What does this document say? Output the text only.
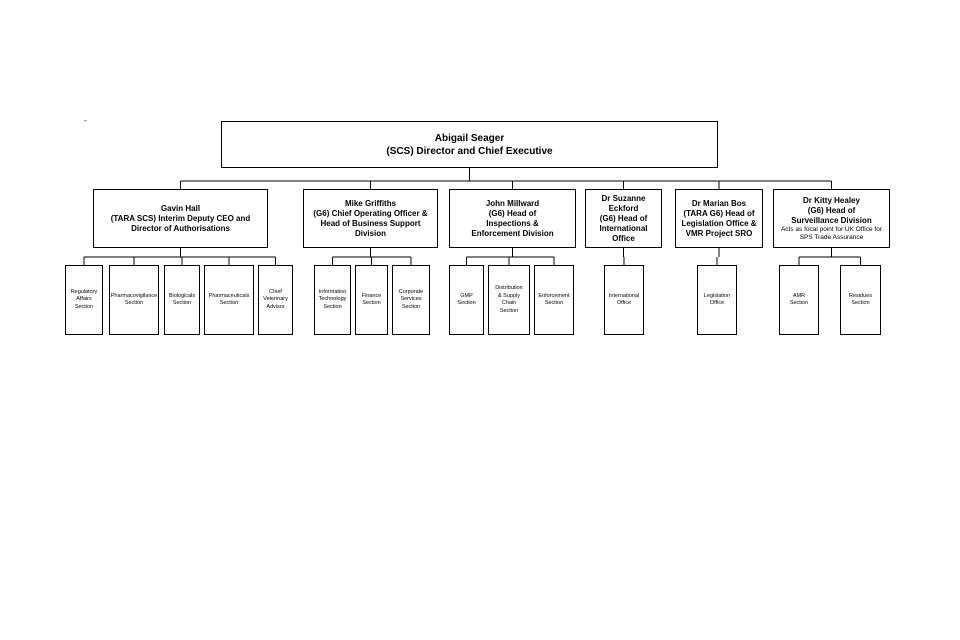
-
Abigail Seager
(SCS) Director and Chief Executive
Gavin Hall
(TARA SCS) Interim Deputy CEO and
Director of Authorisations
Regulatory
Affairs
Section
Pharmacovigilance
Section
Biologicals
Section
Pharmaceuticals
Section
Chief
Veterinary
Advisor
Mike Griffiths
(G6) Chief Operating Officer &
Head of Business Support Division
Information
Technology
Section
Finance
Section
Corporate
Services
Section
John Millward
(G6) Head of
Inspections &
Enforcement Division
GMP
Section
Distribution
& Supply
Chain
Section
Enforcement
Section
Dr Suzanne Eckford
(G6) Head of
International
Office
International
Office
Dr Marian Bos
(TARA G6) Head of
Legislation Office &
VMR Project SRO
Legislation
Office
Dr Kitty Healey
(G6) Head of
Surveillance Division
Acts as focal point for UK Office for
SPS Trade Assurance
AMR
Section
Residues
Section
